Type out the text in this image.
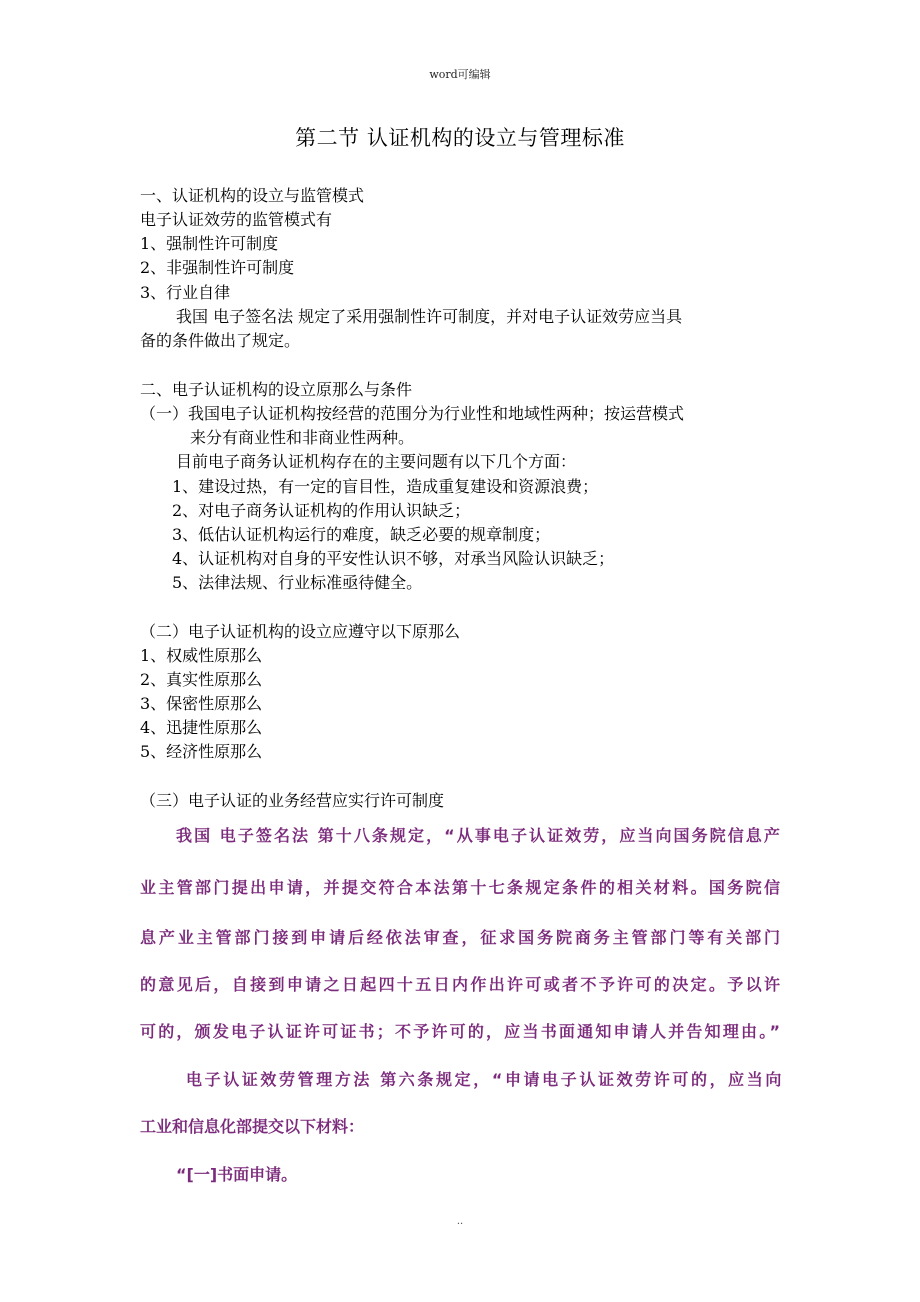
word可编辑
第二节 认证机构的设立与管理标准
一、认证机构的设立与监管模式
电子认证效劳的监管模式有
1、强制性许可制度
2、非强制性许可制度
3、行业自律
我国 电子签名法 规定了采用强制性许可制度，并对电子认证效劳应当具
备的条件做出了规定。
二、电子认证机构的设立原那么与条件
（一）我国电子认证机构按经营的范围分为行业性和地域性两种；按运营模式
来分有商业性和非商业性两种。
目前电子商务认证机构存在的主要问题有以下几个方面：
1、建设过热，有一定的盲目性，造成重复建设和资源浪费；
2、对电子商务认证机构的作用认识缺乏；
3、低估认证机构运行的难度，缺乏必要的规章制度；
4、认证机构对自身的平安性认识不够，对承当风险认识缺乏；
5、法律法规、行业标准亟待健全。
（二）电子认证机构的设立应遵守以下原那么
1、权威性原那么
2、真实性原那么
3、保密性原那么
4、迅捷性原那么
5、经济性原那么
（三）电子认证的业务经营应实行许可制度
我国 电子签名法 第十八条规定，“从事电子认证效劳，应当向国务院信息产
业主管部门提出申请，并提交符合本法第十七条规定条件的相关材料。国务院信
息产业主管部门接到申请后经依法审查，征求国务院商务主管部门等有关部门
的意见后，自接到申请之日起四十五日内作出许可或者不予许可的决定。予以许
可的，颁发电子认证许可证书；不予许可的，应当书面通知申请人并告知理由。”
电子认证效劳管理方法 第六条规定，“申请电子认证效劳许可的，应当向
工业和信息化部提交以下材料：
“[一]书面申请。
..
